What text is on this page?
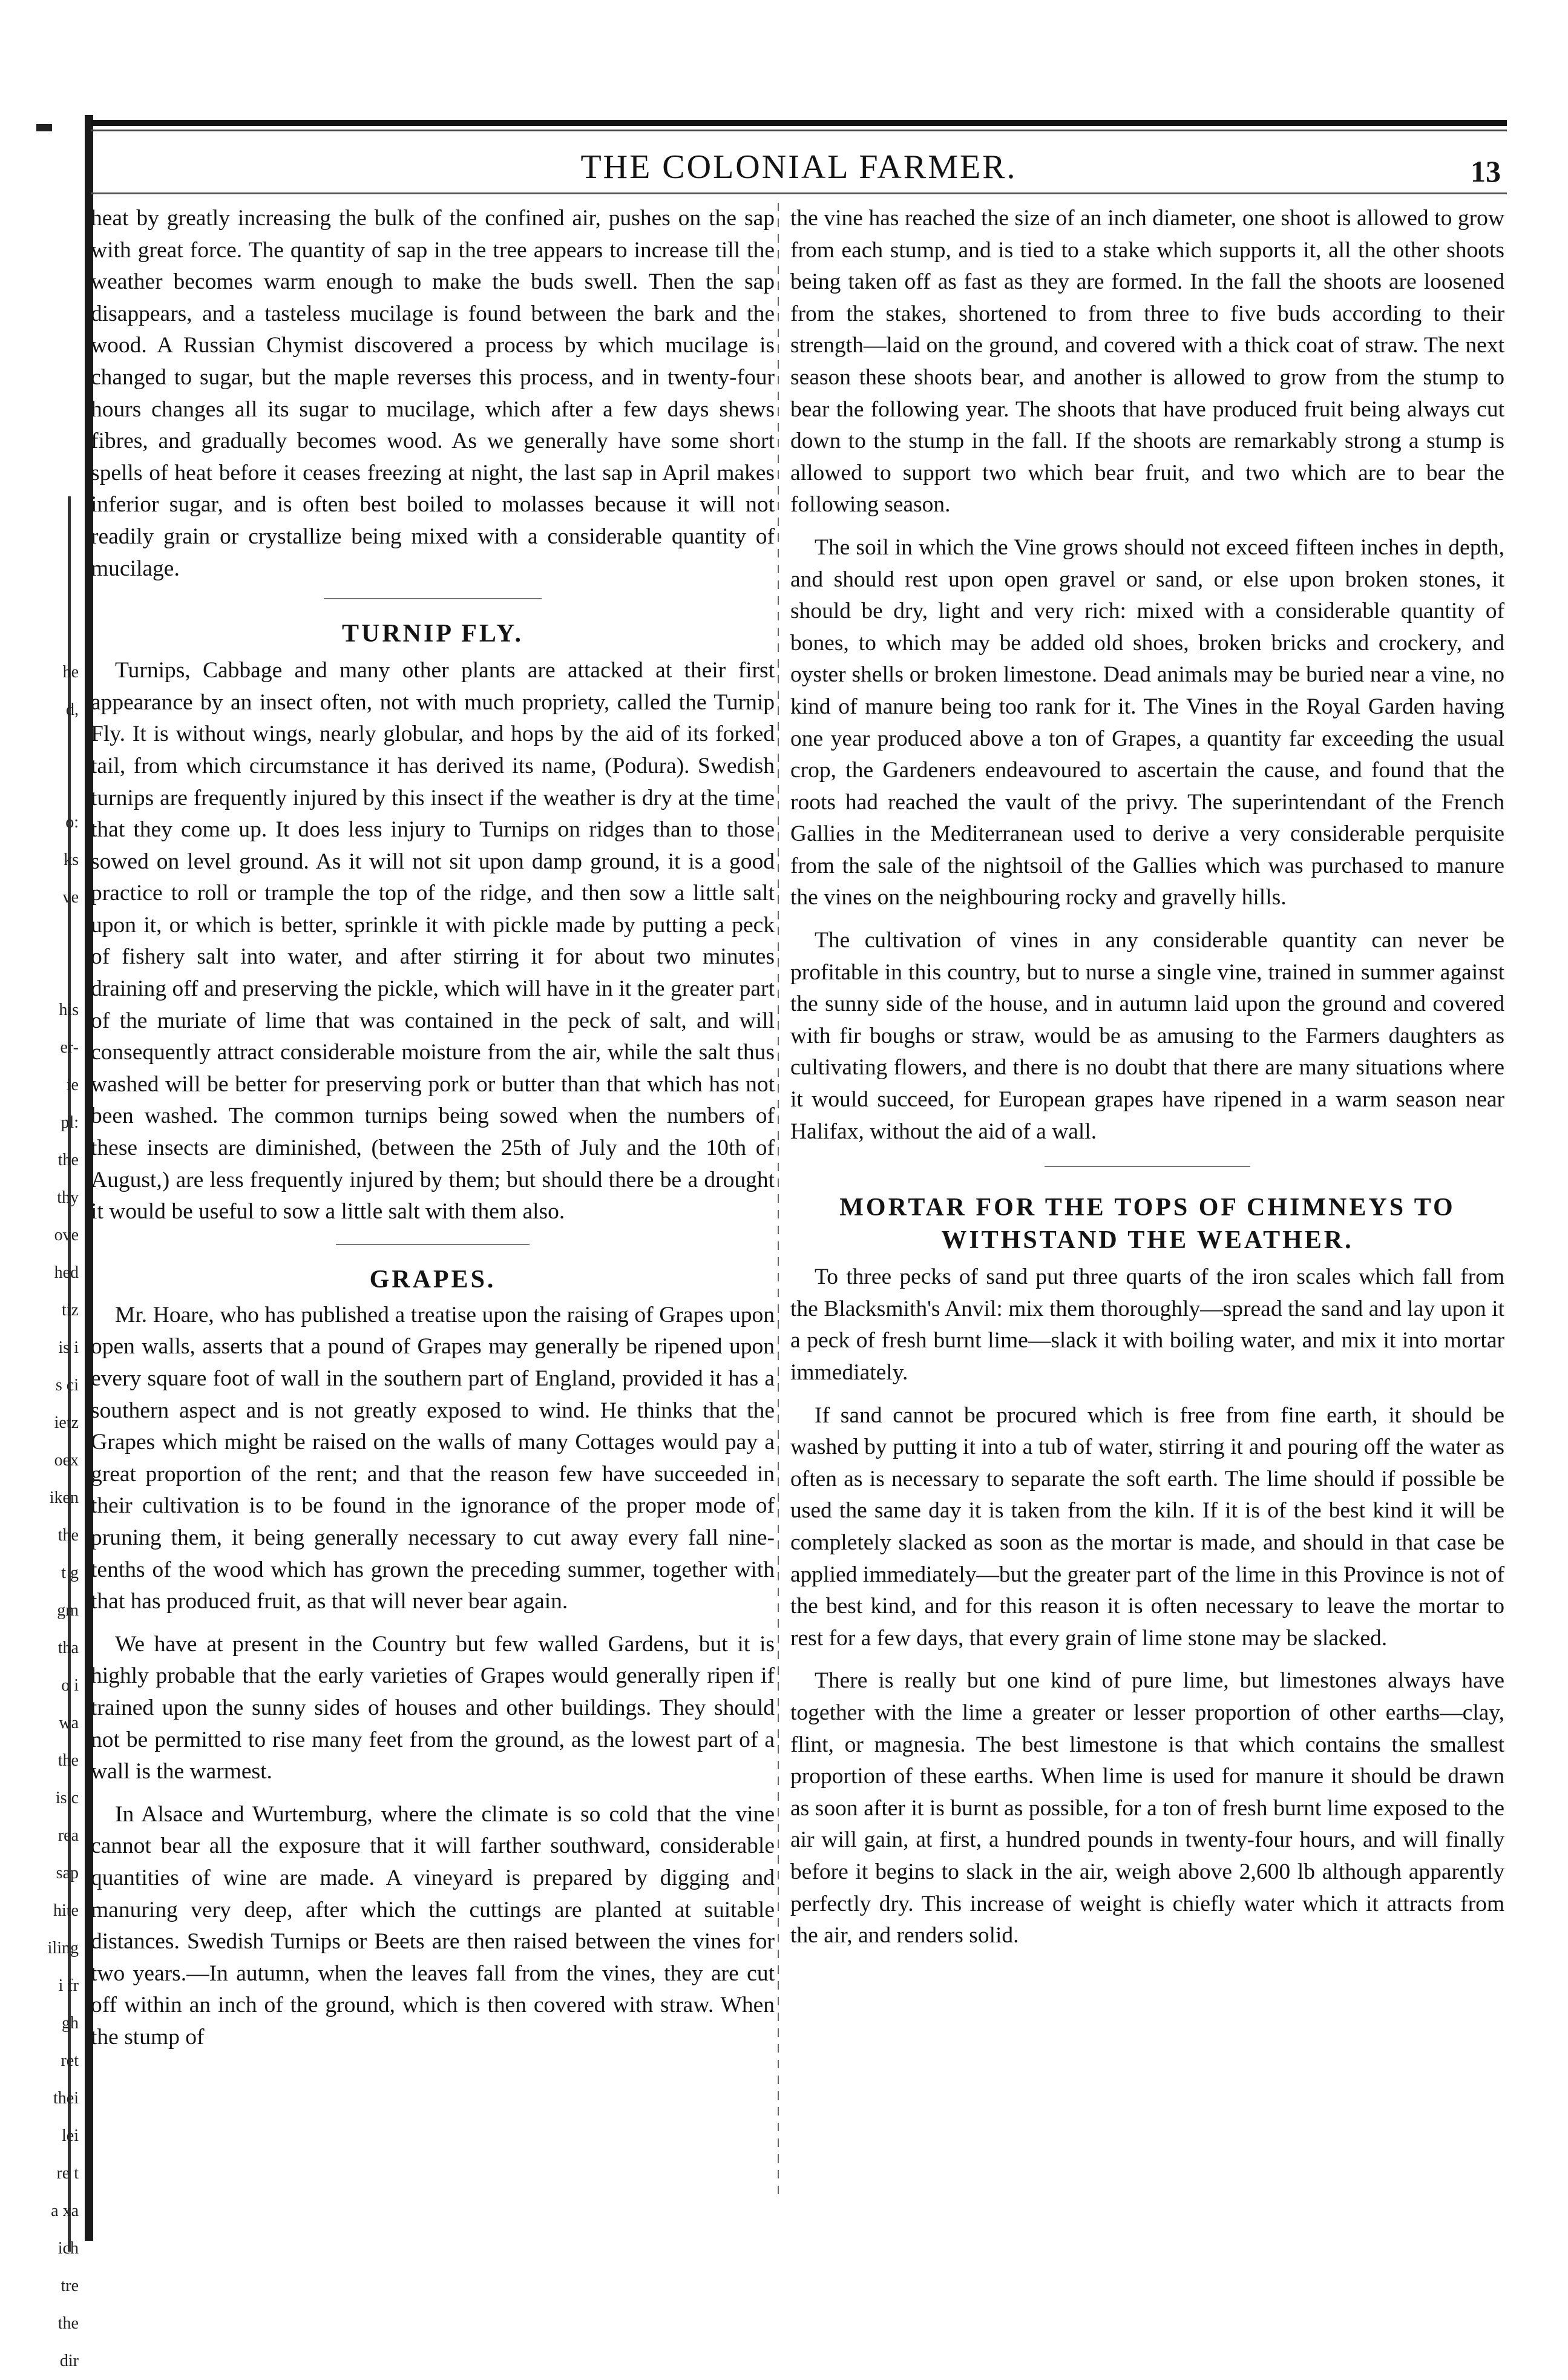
he
d,
o:
ks
ve
his
er-
ie
pl:
the
thy
ove
hed
tiz
is i
s ci
ietz
oex
iken
the
t g
gm
tha
o i
wa
the
is c
rea
sap
hite
iling
i fr
gh
ret
thei
lei
re t
a xa
ich
tre
the
dir
THE COLONIAL FARMER.	13

heat by greatly increasing the bulk of the confined air, pushes on the sap with great force. The quantity of sap in the tree appears to increase till the weather becomes warm enough to make the buds swell. Then the sap disappears, and a tasteless mucilage is found between the bark and the wood. A Russian Chymist discovered a process by which mucilage is changed to sugar, but the maple reverses this process, and in twenty-four hours changes all its sugar to mucilage, which after a few days shews fibres, and gradually becomes wood. As we generally have some short spells of heat before it ceases freezing at night, the last sap in April makes inferior sugar, and is often best boiled to molasses because it will not readily grain or crystallize being mixed with a considerable quantity of mucilage.

TURNIP FLY.

Turnips, Cabbage and many other plants are attacked at their first appearance by an insect often, not with much propriety, called the Turnip Fly. It is without wings, nearly globular, and hops by the aid of its forked tail, from which circumstance it has derived its name, (Podura). Swedish turnips are frequently injured by this insect if the weather is dry at the time that they come up. It does less injury to Turnips on ridges than to those sowed on level ground. As it will not sit upon damp ground, it is a good practice to roll or trample the top of the ridge, and then sow a little salt upon it, or which is better, sprinkle it with pickle made by putting a peck of fishery salt into water, and after stirring it for about two minutes draining off and preserving the pickle, which will have in it the greater part of the muriate of lime that was contained in the peck of salt, and will consequently attract considerable moisture from the air, while the salt thus washed will be better for preserving pork or butter than that which has not been washed. The common turnips being sowed when the numbers of these insects are diminished, (between the 25th of July and the 10th of August,) are less frequently injured by them; but should there be a drought it would be useful to sow a little salt with them also.

GRAPES.

Mr. Hoare, who has published a treatise upon the raising of Grapes upon open walls, asserts that a pound of Grapes may generally be ripened upon every square foot of wall in the southern part of England, provided it has a southern aspect and is not greatly exposed to wind. He thinks that the Grapes which might be raised on the walls of many Cottages would pay a great proportion of the rent; and that the reason few have succeeded in their cultivation is to be found in the ignorance of the proper mode of pruning them, it being generally necessary to cut away every fall nine-tenths of the wood which has grown the preceding summer, together with that has produced fruit, as that will never bear again.

We have at present in the Country but few walled Gardens, but it is highly probable that the early varieties of Grapes would generally ripen if trained upon the sunny sides of houses and other buildings. They should not be permitted to rise many feet from the ground, as the lowest part of a wall is the warmest.

In Alsace and Wurtemburg, where the climate is so cold that the vine cannot bear all the exposure that it will farther southward, considerable quantities of wine are made. A vineyard is prepared by digging and manuring very deep, after which the cuttings are planted at suitable distances. Swedish Turnips or Beets are then raised between the vines for two years.—In autumn, when the leaves fall from the vines, they are cut off within an inch of the ground, which is then covered with straw. When the stump of

the vine has reached the size of an inch diameter, one shoot is allowed to grow from each stump, and is tied to a stake which supports it, all the other shoots being taken off as fast as they are formed. In the fall the shoots are loosened from the stakes, shortened to from three to five buds according to their strength—laid on the ground, and covered with a thick coat of straw. The next season these shoots bear, and another is allowed to grow from the stump to bear the following year. The shoots that have produced fruit being always cut down to the stump in the fall. If the shoots are remarkably strong a stump is allowed to support two which bear fruit, and two which are to bear the following season.

The soil in which the Vine grows should not exceed fifteen inches in depth, and should rest upon open gravel or sand, or else upon broken stones, it should be dry, light and very rich: mixed with a considerable quantity of bones, to which may be added old shoes, broken bricks and crockery, and oyster shells or broken limestone. Dead animals may be buried near a vine, no kind of manure being too rank for it. The Vines in the Royal Garden having one year produced above a ton of Grapes, a quantity far exceeding the usual crop, the Gardeners endeavoured to ascertain the cause, and found that the roots had reached the vault of the privy. The superintendant of the French Gallies in the Mediterranean used to derive a very considerable perquisite from the sale of the nightsoil of the Gallies which was purchased to manure the vines on the neighbouring rocky and gravelly hills.

The cultivation of vines in any considerable quantity can never be profitable in this country, but to nurse a single vine, trained in summer against the sunny side of the house, and in autumn laid upon the ground and covered with fir boughs or straw, would be as amusing to the Farmers daughters as cultivating flowers, and there is no doubt that there are many situations where it would succeed, for European grapes have ripened in a warm season near Halifax, without the aid of a wall.

MORTAR FOR THE TOPS OF CHIMNEYS TO
WITHSTAND THE WEATHER.

To three pecks of sand put three quarts of the iron scales which fall from the Blacksmith's Anvil: mix them thoroughly—spread the sand and lay upon it a peck of fresh burnt lime—slack it with boiling water, and mix it into mortar immediately.

If sand cannot be procured which is free from fine earth, it should be washed by putting it into a tub of water, stirring it and pouring off the water as often as is necessary to separate the soft earth. The lime should if possible be used the same day it is taken from the kiln. If it is of the best kind it will be completely slacked as soon as the mortar is made, and should in that case be applied immediately—but the greater part of the lime in this Province is not of the best kind, and for this reason it is often necessary to leave the mortar to rest for a few days, that every grain of lime stone may be slacked.

There is really but one kind of pure lime, but limestones always have together with the lime a greater or lesser proportion of other earths—clay, flint, or magnesia. The best limestone is that which contains the smallest proportion of these earths. When lime is used for manure it should be drawn as soon after it is burnt as possible, for a ton of fresh burnt lime exposed to the air will gain, at first, a hundred pounds in twenty-four hours, and will finally before it begins to slack in the air, weigh above 2,600 lb although apparently perfectly dry. This increase of weight is chiefly water which it attracts from the air, and renders solid.
